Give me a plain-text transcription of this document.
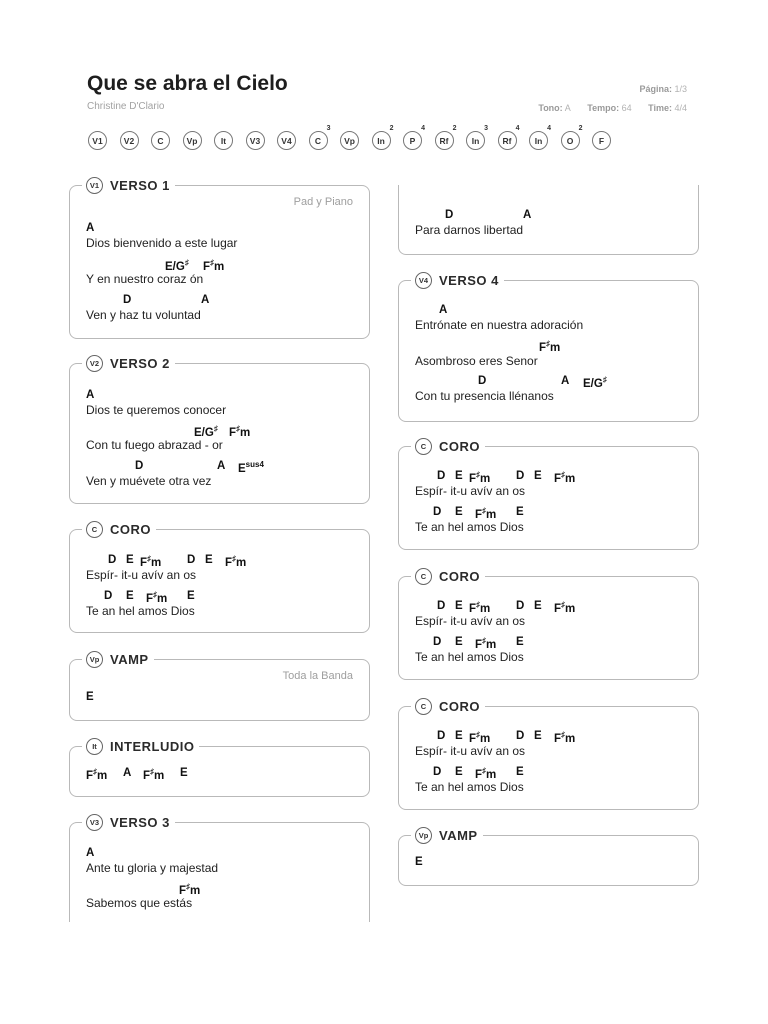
Que se abra el Cielo
Christine D'Clario
Página: 1/3
Tono: A Tempo: 64 Time: 4/4
V1 V2	C	Vp	It	V3 V4	C
3
Vp	In
2
P
4
Rf
2
In
3
Rf
4
In
4
O
2
F
V1 VERSO 1
Pad y Piano
A
Dios bienvenido a este lugar
E/G♯ F♯m
Y en nuestro coraz ón
D	A
Ven y haz tu voluntad
V2 VERSO 2
A
Dios te queremos conocer
E/G♯ F♯m
Con tu fuego abrazad - or
D	A $E^{sus4}$
Ven y muévete otra vez
C CORO
D E F♯m D E F♯m
Espír- it-u avív an os
D E F♯m E
Te an hel amos Dios
Vp VAMP
Toda la Banda
E
It	INTERLUDIO
F♯m A F♯m E
V3 VERSO 3
A
Ante tu gloria y majestad
F♯m
Sabemos que estás
D	A
Para darnos libertad
V4 VERSO 4
A
Entrónate en nuestra adoración
F♯m
Asombroso eres Senor
D	A E/G♯
Con tu presencia llénanos
C CORO
D E F♯m D E F♯m
Espír- it-u avív an os
D E F♯m E
Te an hel amos Dios
C CORO
D E F♯m D E F♯m
Espír- it-u avív an os
D E F♯m E
Te an hel amos Dios
C CORO
D E F♯m D E F♯m
Espír- it-u avív an os
D E F♯m E
Te an hel amos Dios
Vp VAMP
E
